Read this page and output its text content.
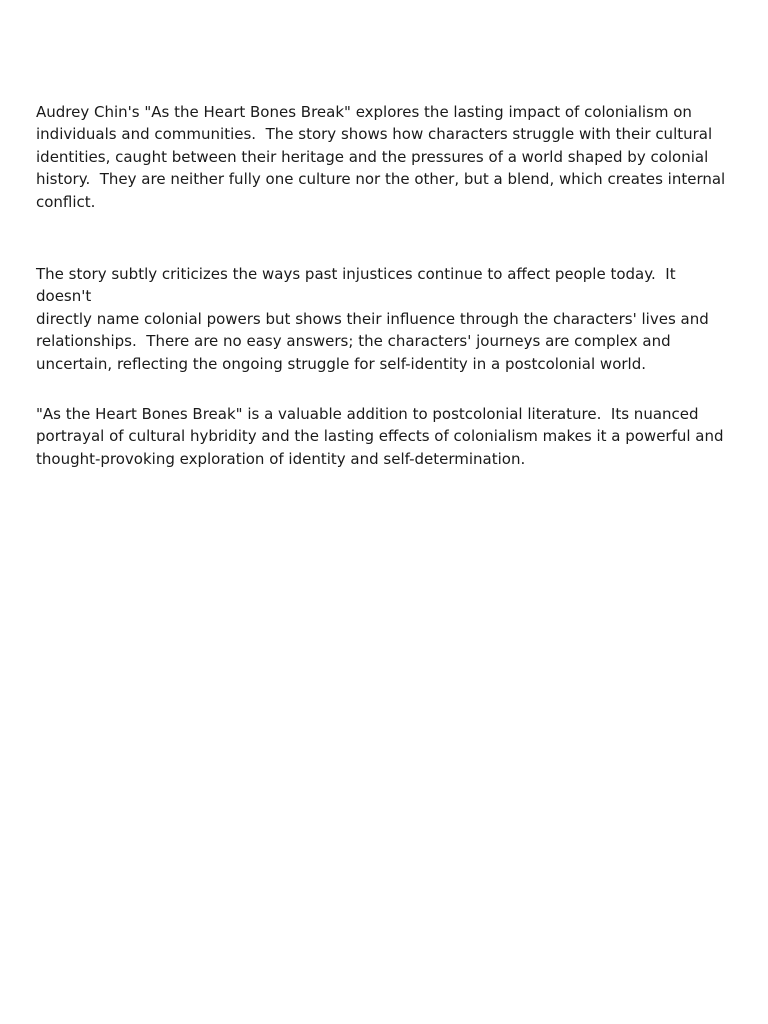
Audrey Chin's "As the Heart Bones Break" explores the lasting impact of colonialism on
individuals and communities.  The story shows how characters struggle with their cultural
identities, caught between their heritage and the pressures of a world shaped by colonial
history.  They are neither fully one culture nor the other, but a blend, which creates internal
conflict.

The story subtly criticizes the ways past injustices continue to affect people today.  It doesn't
directly name colonial powers but shows their influence through the characters' lives and
relationships.  There are no easy answers; the characters' journeys are complex and
uncertain, reflecting the ongoing struggle for self-identity in a postcolonial world.

"As the Heart Bones Break" is a valuable addition to postcolonial literature.  Its nuanced
portrayal of cultural hybridity and the lasting effects of colonialism makes it a powerful and
thought-provoking exploration of identity and self-determination.
